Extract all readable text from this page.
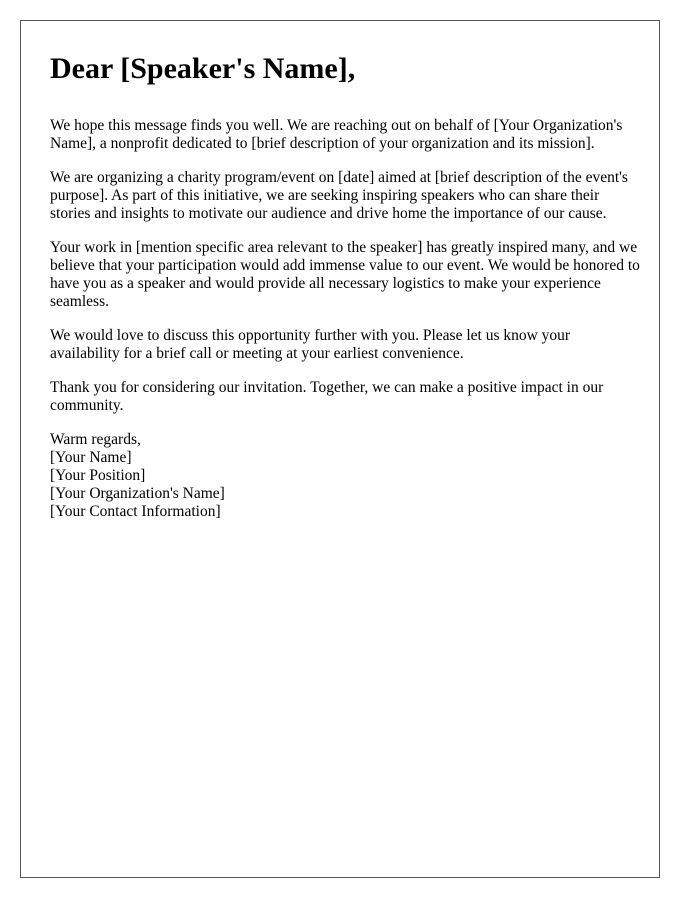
Dear [Speaker's Name],

We hope this message finds you well. We are reaching out on behalf of [Your Organization's Name], a nonprofit dedicated to [brief description of your organization and its mission].

We are organizing a charity program/event on [date] aimed at [brief description of the event's purpose]. As part of this initiative, we are seeking inspiring speakers who can share their stories and insights to motivate our audience and drive home the importance of our cause.

Your work in [mention specific area relevant to the speaker] has greatly inspired many, and we believe that your participation would add immense value to our event. We would be honored to have you as a speaker and would provide all necessary logistics to make your experience seamless.

We would love to discuss this opportunity further with you. Please let us know your availability for a brief call or meeting at your earliest convenience.

Thank you for considering our invitation. Together, we can make a positive impact in our community.

Warm regards,
[Your Name]
[Your Position]
[Your Organization's Name]
[Your Contact Information]
